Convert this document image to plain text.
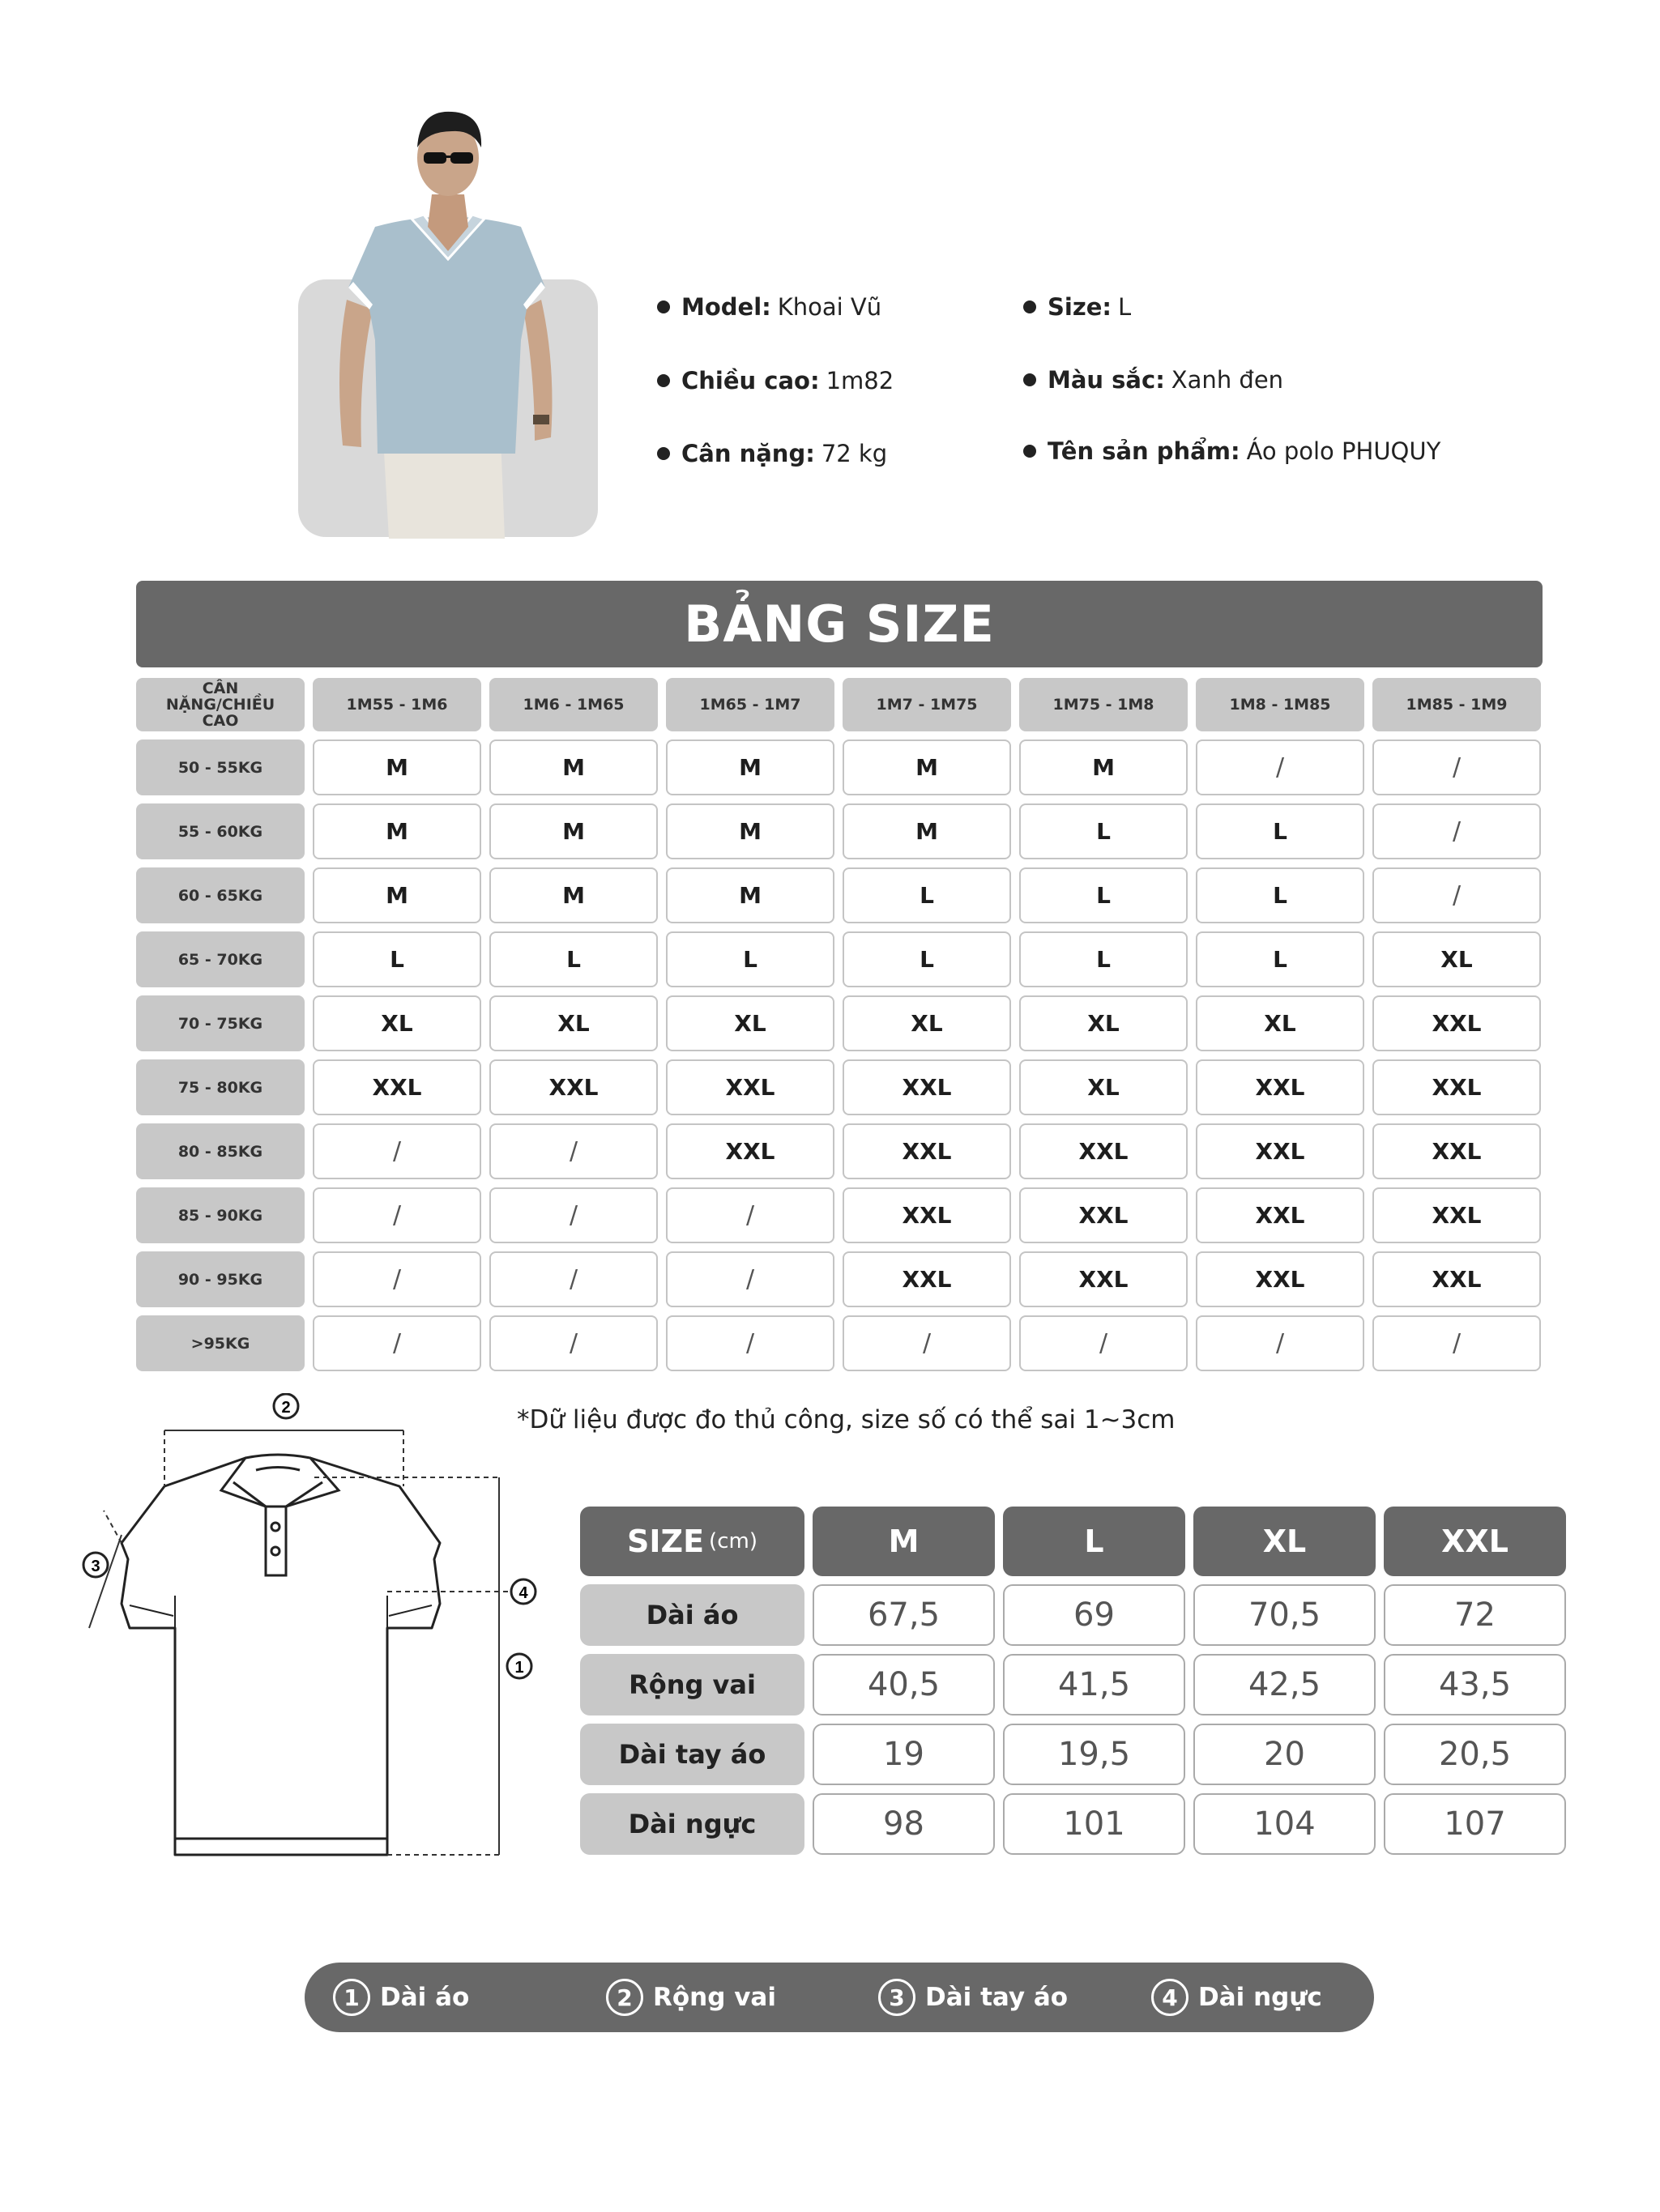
Model: Khoai Vũ
Chiều cao: 1m82
Cân nặng: 72 kg
Size: L
Màu sắc: Xanh đen
Tên sản phẩm: Áo polo PHUQUY
BẢNG SIZE
CÂN NẶNG/CHIỀU CAO
1M55 - 1M6	1M6 - 1M65	1M65 - 1M7	1M7 - 1M75	1M75 - 1M8	1M8 - 1M85	1M85 - 1M9
50 - 55KG	M	M	M	M	M	/	/
55 - 60KG	M	M	M	M	L	L	/
60 - 65KG	M	M	M	L	L	L	/
65 - 70KG	L	L	L	L	L	L	XL
70 - 75KG	XL	XL	XL	XL	XL	XL	XXL
75 - 80KG	XXL	XXL	XXL	XXL	XL	XXL	XXL
80 - 85KG	/	/	XXL	XXL	XXL	XXL	XXL
85 - 90KG	/	/	/	XXL	XXL	XXL	XXL
90 - 95KG	/	/	/	XXL	XXL	XXL	XXL
>95KG	/	/	/	/	/	/	/
*Dữ liệu được đo thủ công, size số có thể sai 1~3cm
2
3
4
1
SIZE (cm)	M	L	XL	XXL
Dài áo	67,5	69	70,5	72
Rộng vai	40,5	41,5	42,5	43,5
Dài tay áo	19	19,5	20	20,5
Dài ngực	98	101	104	107
1 Dài áo	2 Rộng vai	3 Dài tay áo	4 Dài ngực
